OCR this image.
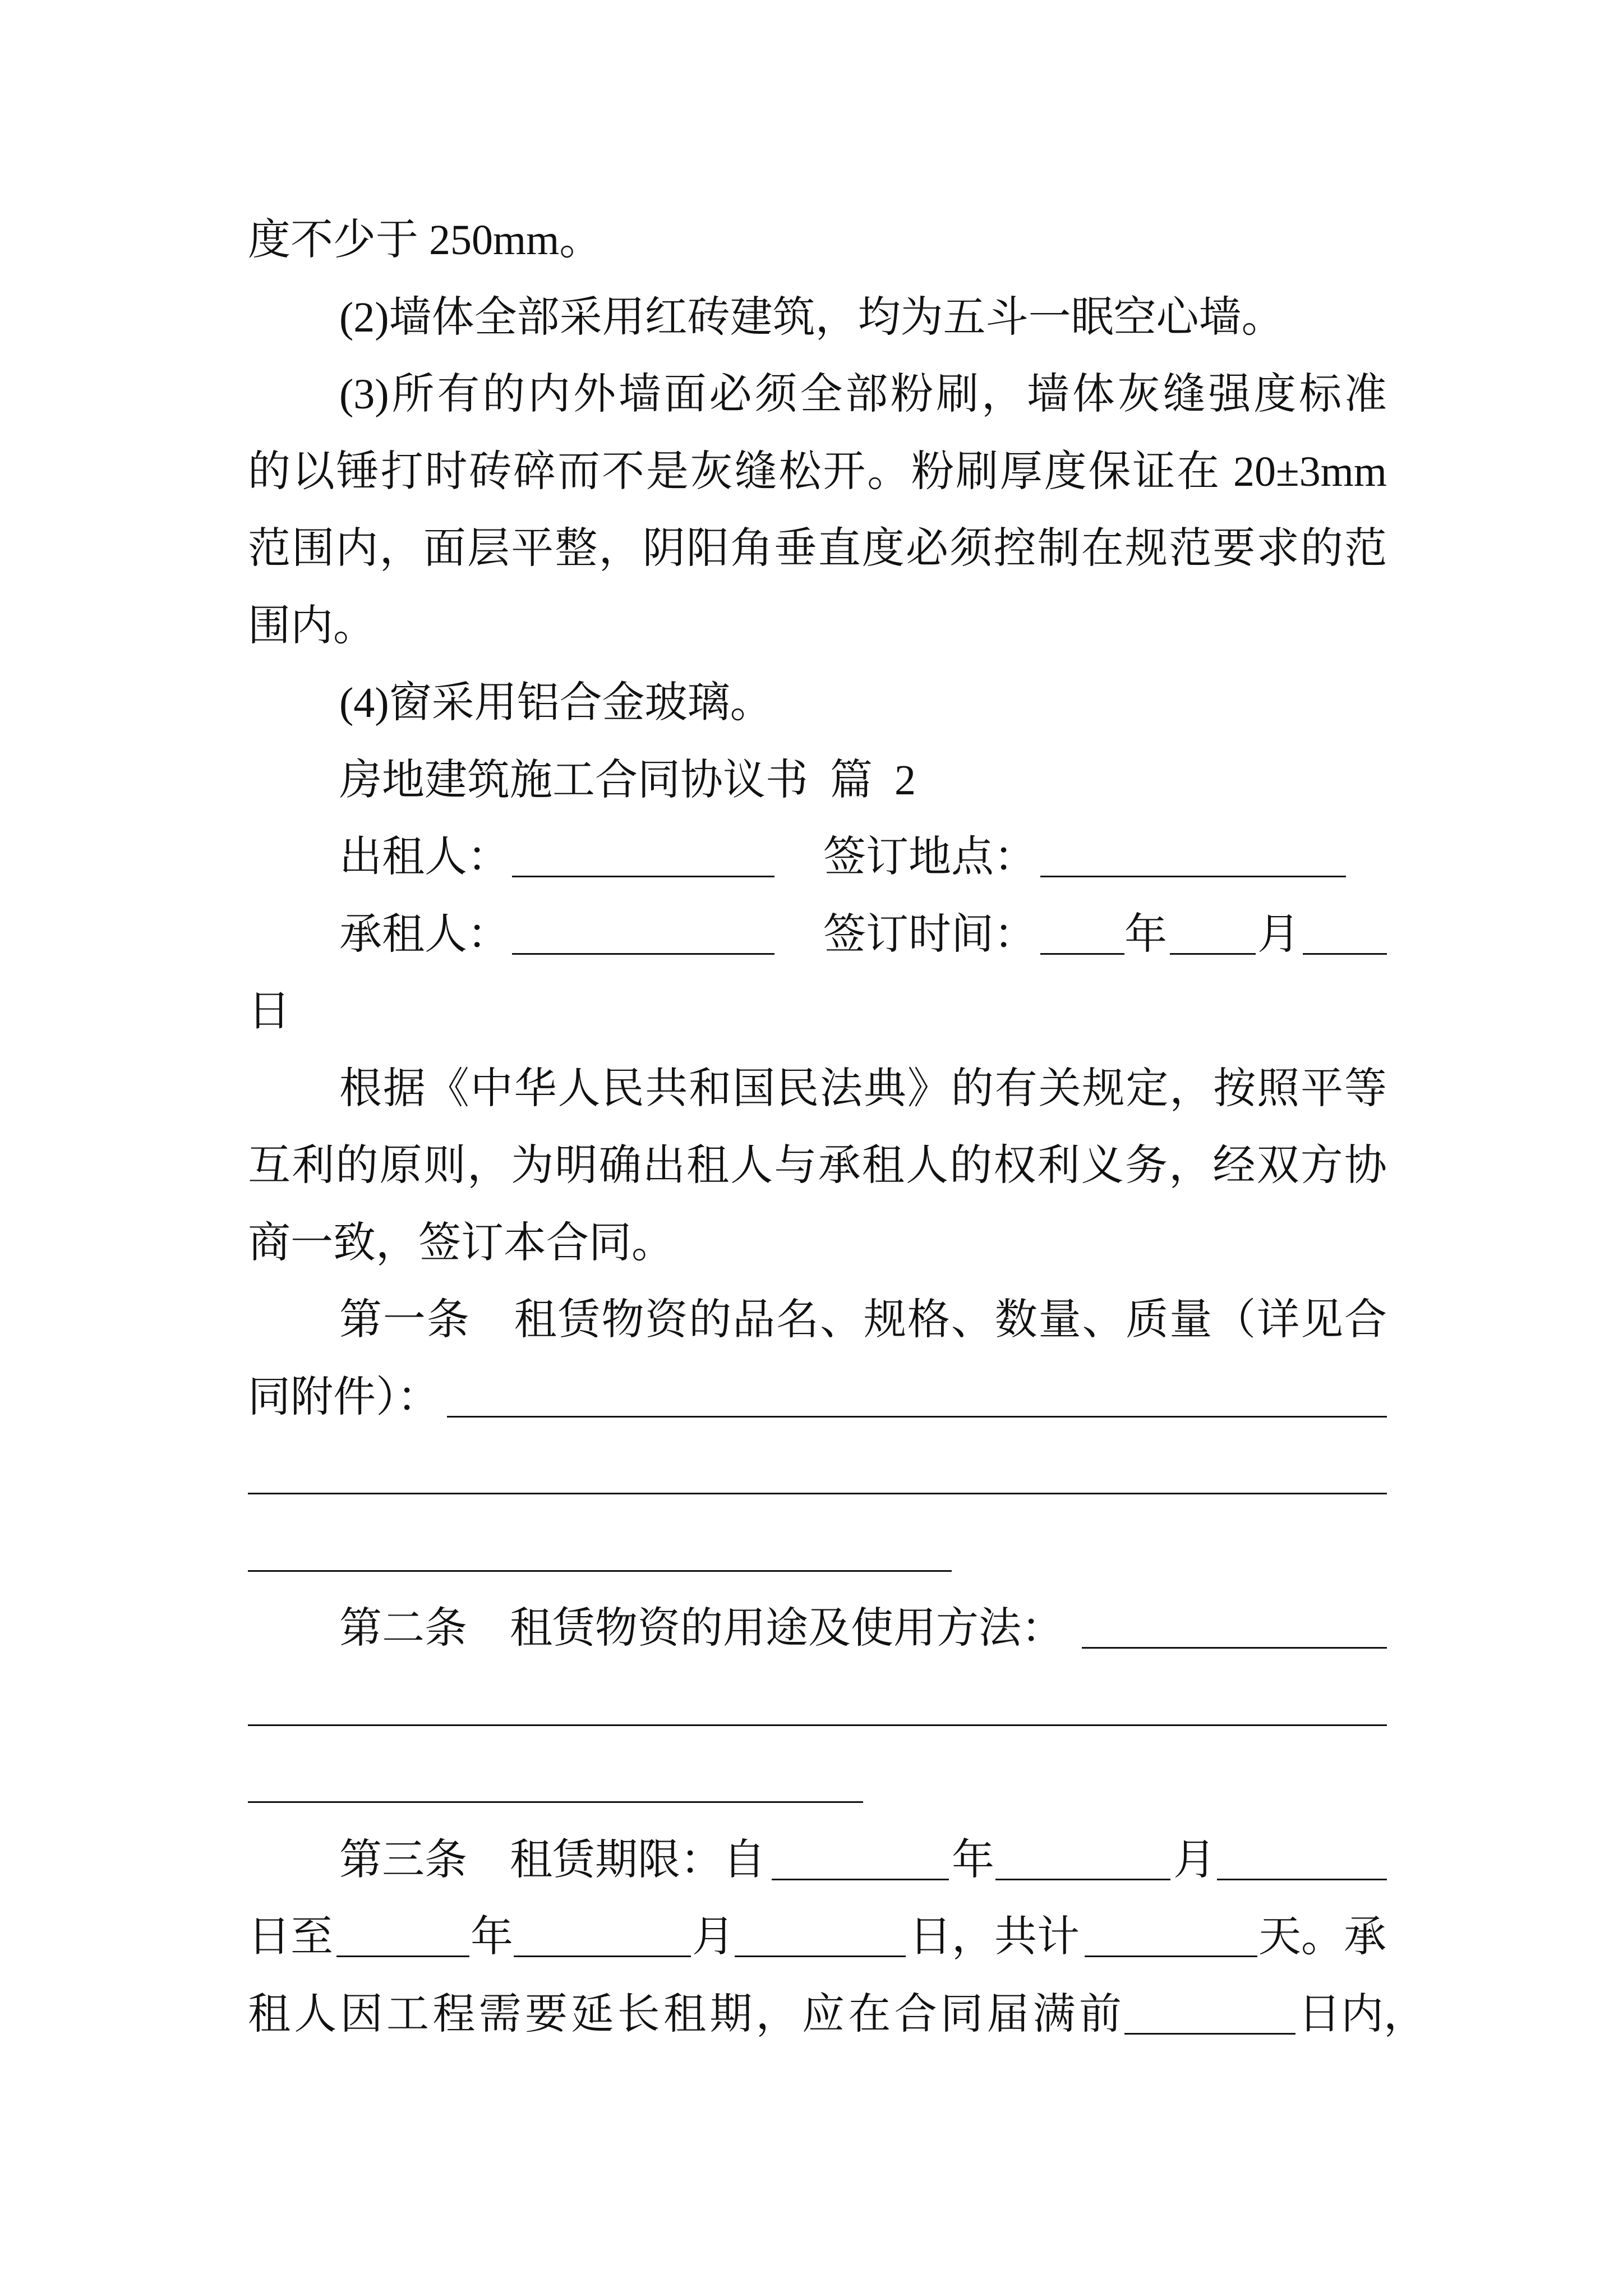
度不少于 250mm。
(2)墙体全部采用红砖建筑，均为五斗一眠空心墙。
(3)所有的内外墙面必须全部粉刷，墙体灰缝强度标准
的以锤打时砖碎而不是灰缝松开。粉刷厚度保证在 20±3mm
范围内，面层平整，阴阳角垂直度必须控制在规范要求的范
围内。
(4)窗采用铝合金玻璃。
房地建筑施工合同协议书 篇 2
出租人：	签订地点：
承租人：	签订时间： 年 月
日
根据《中华人民共和国民法典》的有关规定，按照平等
互利的原则，为明确出租人与承租人的权利义务，经双方协
商一致，签订本合同。
第一条　租赁物资的品名、规格、数量、质量（详见合
同附件）：
第二条　租赁物资的用途及使用方法：
第三条　租赁期限：自	年	月
日至	年	月	日，共计	天。承
租人因工程需要延长租期，应在合同届满前	日内，
